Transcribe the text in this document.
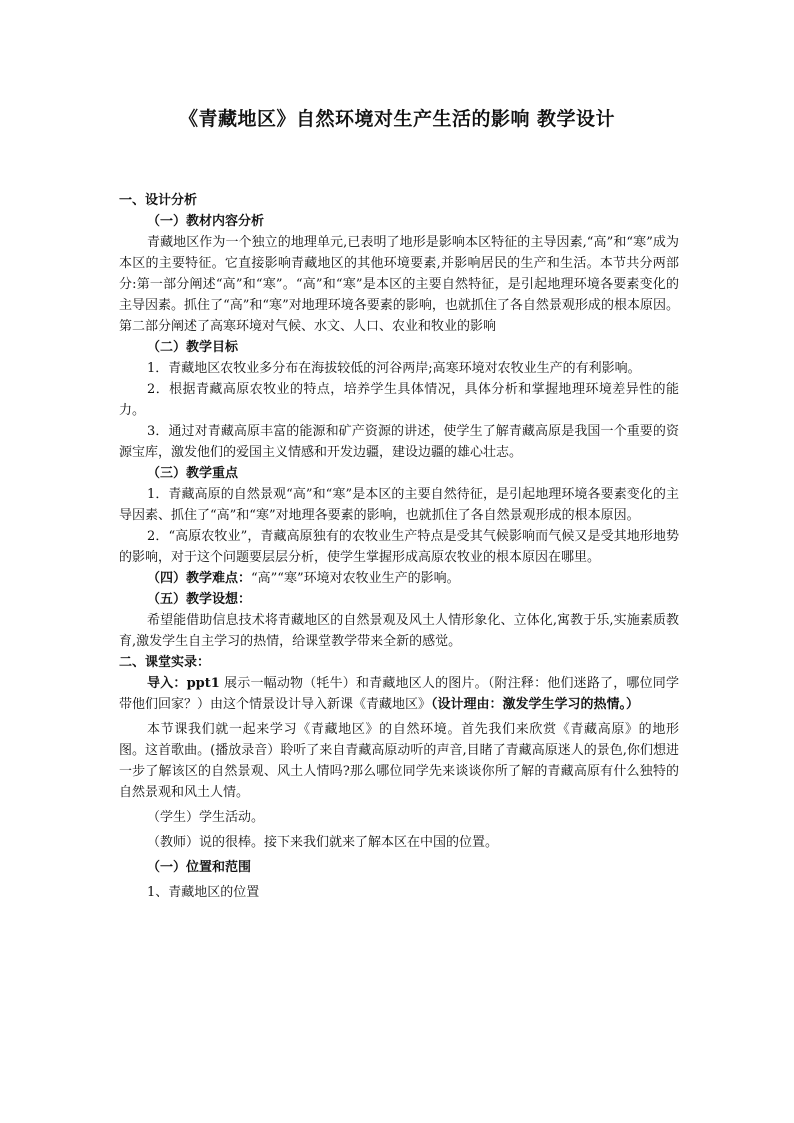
《青藏地区》自然环境对生产生活的影响 教学设计

一、设计分析

（一）教材内容分析

青藏地区作为一个独立的地理单元,已表明了地形是影响本区特征的主导因素,“高”和“寒”成为本区的主要特征。它直接影响青藏地区的其他环境要素,并影响居民的生产和生活。本节共分两部分:第一部分阐述“高”和“寒”。“高”和“寒”是本区的主要自然特征，是引起地理环境各要素变化的主导因素。抓住了“高”和“寒”对地理环境各要素的影响，也就抓住了各自然景观形成的根本原因。第二部分阐述了高寒环境对气候、水文、人口、农业和牧业的影响

（二）教学目标

1．青藏地区农牧业多分布在海拔较低的河谷两岸;高寒环境对农牧业生产的有利影响。

2．根据青藏高原农牧业的特点，培养学生具体情况，具体分析和掌握地理环境差异性的能力。

3．通过对青藏高原丰富的能源和矿产资源的讲述，使学生了解青藏高原是我国一个重要的资源宝库，激发他们的爱国主义情感和开发边疆，建设边疆的雄心壮志。

（三）教学重点

1．青藏高原的自然景观“高”和“寒”是本区的主要自然待征，是引起地理环境各要素变化的主导因素、抓住了“高”和“寒”对地理各要素的影响，也就抓住了各自然景观形成的根本原因。

2．“高原农牧业”，青藏高原独有的农牧业生产特点是受其气候影响而气候又是受其地形地势的影响，对于这个问题要层层分析，使学生掌握形成高原农牧业的根本原因在哪里。

（四）教学难点：“高”“寒”环境对农牧业生产的影响。

（五）教学设想：

希望能借助信息技术将青藏地区的自然景观及风土人情形象化、立体化,寓教于乐,实施素质教育,激发学生自主学习的热情，给课堂教学带来全新的感觉。

二、课堂实录：

导入：ppt1 展示一幅动物（牦牛）和青藏地区人的图片。（附注释：他们迷路了，哪位同学带他们回家？）由这个情景设计导入新课《青藏地区》（设计理由：激发学生学习的热情。）

本节课我们就一起来学习《青藏地区》的自然环境。首先我们来欣赏《青藏高原》的地形图。这首歌曲。(播放录音）聆听了来自青藏高原动听的声音,目睹了青藏高原迷人的景色,你们想进一步了解该区的自然景观、风土人情吗?那么哪位同学先来谈谈你所了解的青藏高原有什么独特的自然景观和风土人情。

（学生）学生活动。

（教师）说的很棒。接下来我们就来了解本区在中国的位置。

（一）位置和范围

1、青藏地区的位置
